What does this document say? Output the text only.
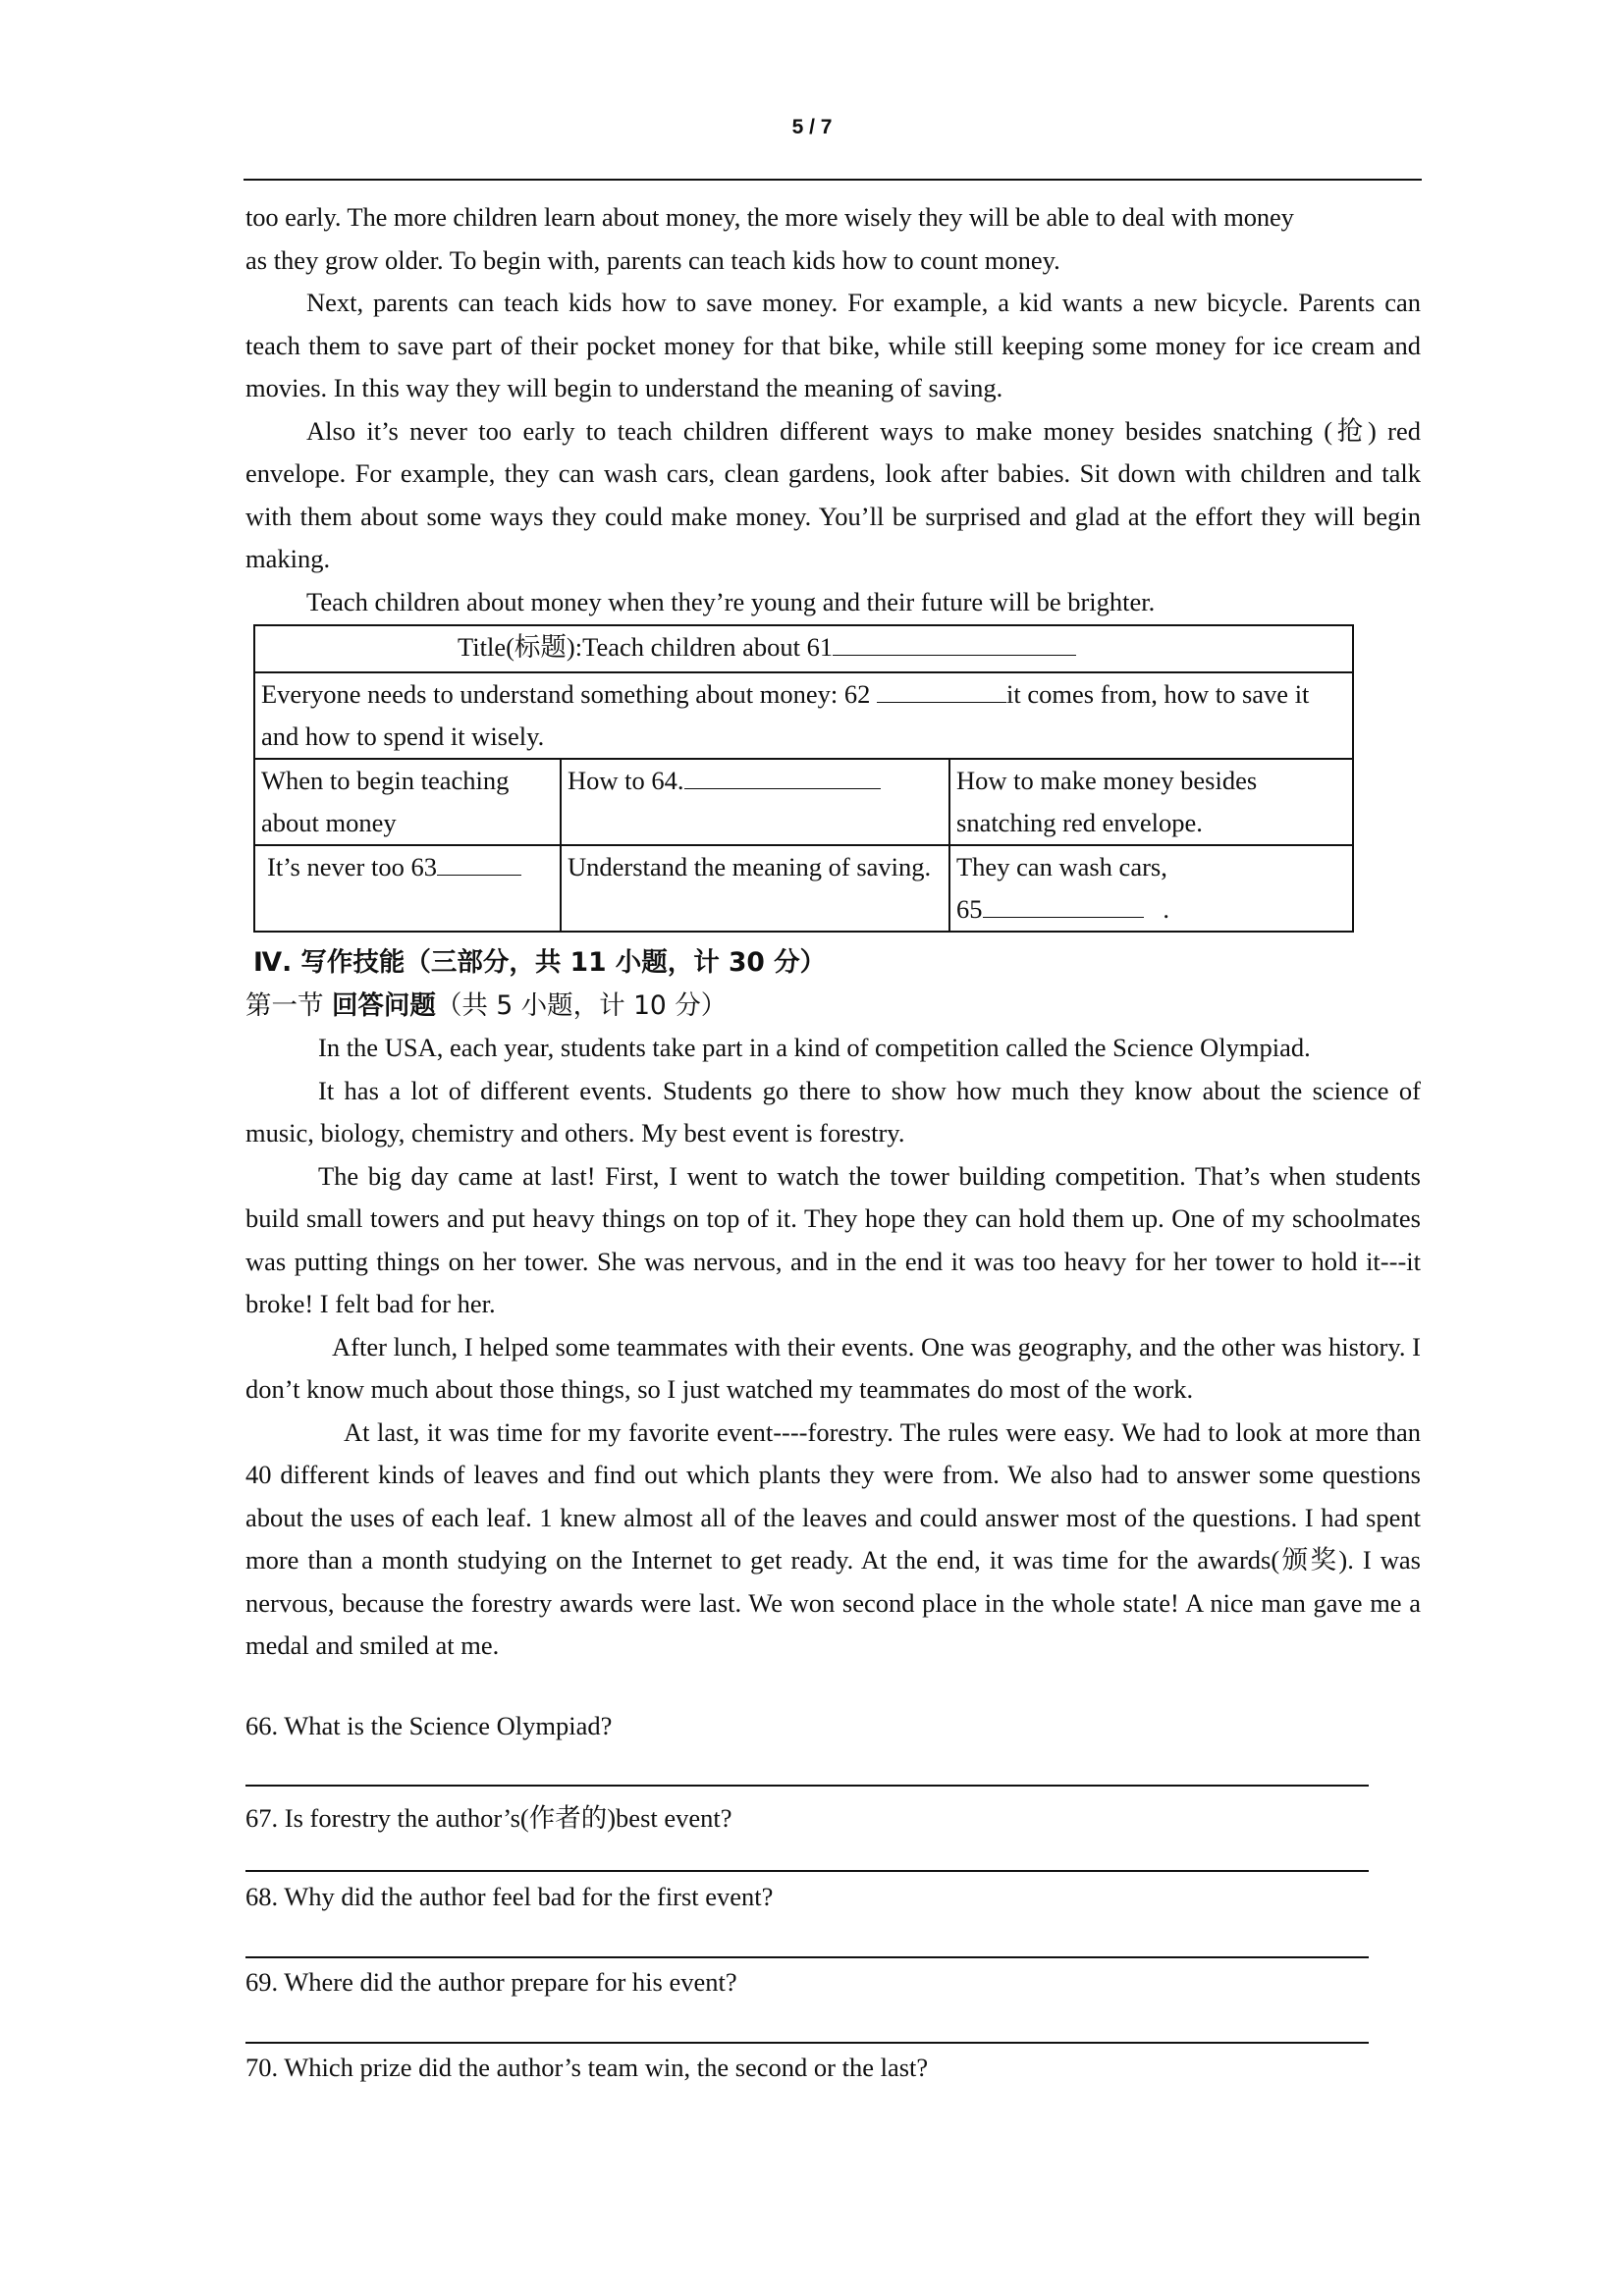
5 / 7

too early. The more children learn about money, the more wisely they will be able to deal with money

as they grow older. To begin with, parents can teach kids how to count money.

Next, parents can teach kids how to save money. For example, a kid wants a new bicycle. Parents can teach them to save part of their pocket money for that bike, while still keeping some money for ice cream and movies. In this way they will begin to understand the meaning of saving.

Also it’s never too early to teach children different ways to make money besides snatching (抢) red envelope. For example, they can wash cars, clean gardens, look after babies. Sit down with children and talk with them about some ways they could make money. You’ll be surprised and glad at the effort they will begin making.

Teach children about money when they’re young and their future will be brighter.

Title(标题):Teach children about 61		
Everyone needs to understand something about money: 62 it comes from, how to save it and how to spend it wisely.		
When to begin teaching about money	How to 64.	How to make money besides snatching red envelope.
It’s never too 63	Understand the meaning of saving.	They can wash cars,
65 .
Ⅳ. 写作技能（三部分，共 11 小题，计 30 分）
第一节 回答问题（共 5 小题，计 10 分）

In the USA, each year, students take part in a kind of competition called the Science Olympiad.

It has a lot of different events. Students go there to show how much they know about the science of music, biology, chemistry and others. My best event is forestry.

The big day came at last! First, I went to watch the tower building competition. That’s when students build small towers and put heavy things on top of it. They hope they can hold them up. One of my schoolmates was putting things on her tower. She was nervous, and in the end it was too heavy for her tower to hold it---it broke! I felt bad for her.

After lunch, I helped some teammates with their events. One was geography, and the other was history. I don’t know much about those things, so I just watched my teammates do most of the work.

At last, it was time for my favorite event----forestry. The rules were easy. We had to look at more than 40 different kinds of leaves and find out which plants they were from. We also had to answer some questions about the uses of each leaf. 1 knew almost all of the leaves and could answer most of the questions. I had spent more than a month studying on the Internet to get ready. At the end, it was time for the awards(颁奖). I was nervous, because the forestry awards were last. We won second place in the whole state! A nice man gave me a medal and smiled at me.

66. What is the Science Olympiad?
67. Is forestry the author’s(作者的)best event?
68. Why did the author feel bad for the first event?
69. Where did the author prepare for his event?
70. Which prize did the author’s team win, the second or the last?
